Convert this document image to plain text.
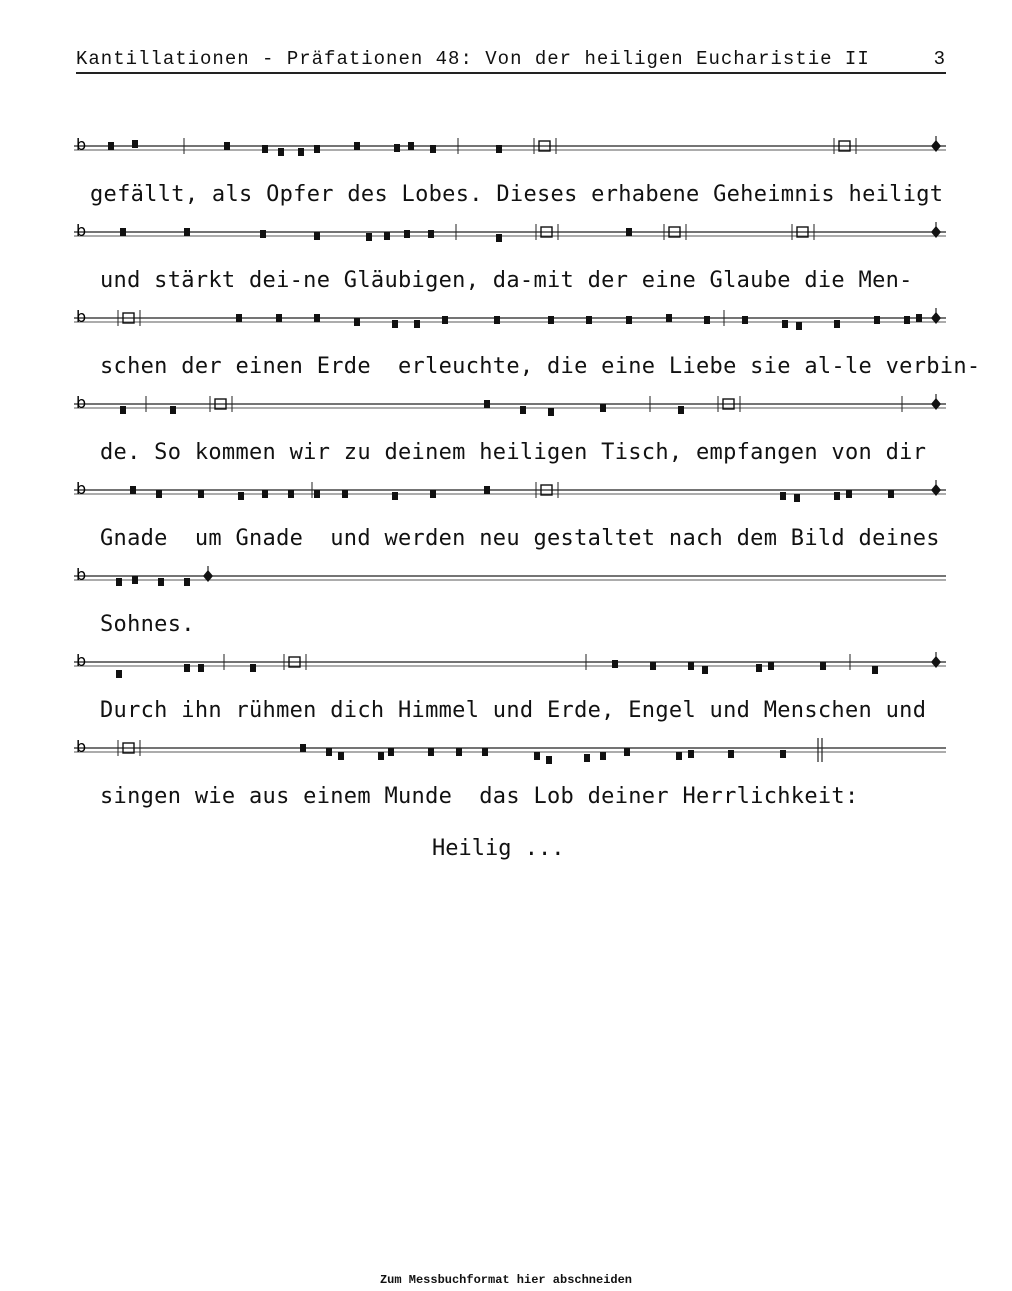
Kantillationen - Präfationen 48: Von der heiligen Eucharistie II	3
b
gefällt, als Opfer des Lobes. Dieses erhabene Geheimnis heiligt
b
und stärkt dei-ne Gläubigen, da-mit der eine Glaube die Men-
b
schen der einen Erde  erleuchte, die eine Liebe sie al-le verbin-
b
de. So kommen wir zu deinem heiligen Tisch, empfangen von dir
b
Gnade  um Gnade  und werden neu gestaltet nach dem Bild deines
b
Sohnes.
b
Durch ihn rühmen dich Himmel und Erde, Engel und Menschen und
b
singen wie aus einem Munde  das Lob deiner Herrlichkeit:
Heilig ...
Zum Messbuchformat hier abschneiden
